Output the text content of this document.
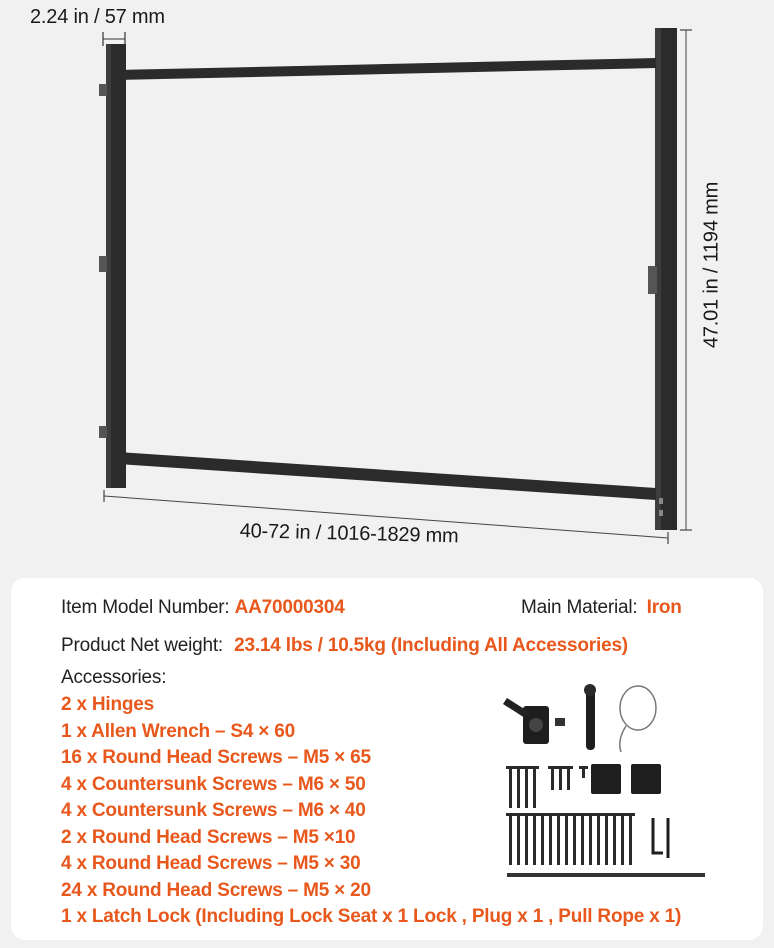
2.24 in / 57 mm
40-72 in / 1016-1829 mm
47.01 in / 1194 mm
Item Model Number: AA70000304	Main Material: Iron
Product Net weight: 23.14 lbs / 10.5kg (Including All Accessories)
Accessories:
2 x Hinges
1 x Allen Wrench – S4 × 60
16 x Round Head Screws – M5 × 65
4 x Countersunk Screws – M6 × 50
4 x Countersunk Screws – M6 × 40
2 x Round Head Screws – M5 ×10
4 x Round Head Screws – M5 × 30
24 x Round Head Screws – M5 × 20
1 x Latch Lock (Including Lock Seat x 1 Lock , Plug x 1 , Pull Rope x 1)
